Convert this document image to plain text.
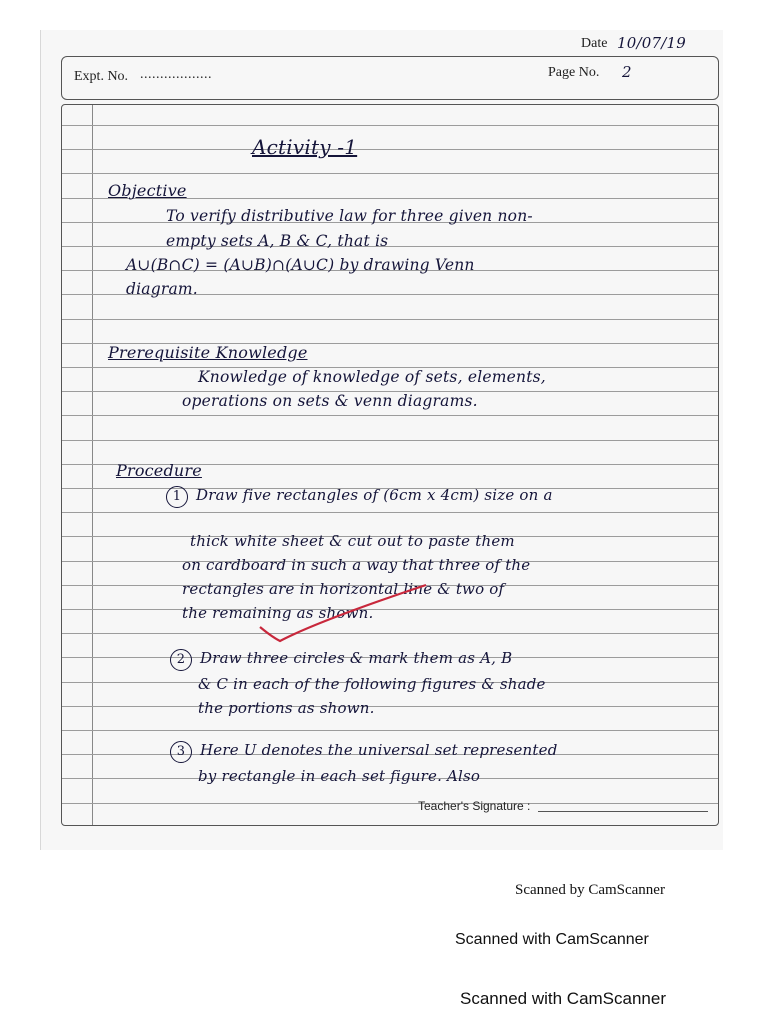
Date 10/07/19
Expt. No. ..................	Page No. 2
Activity -1
Objective
To verify distributive law for three given non-
empty sets A, B & C, that is
A∪(B∩C) = (A∪B)∩(A∪C) by drawing Venn
diagram.
Prerequisite Knowledge
Knowledge of knowledge of sets, elements,
operations on sets & venn diagrams.
Procedure
1 Draw five rectangles of (6cm x 4cm) size on a
thick white sheet & cut out to paste them
on cardboard in such a way that three of the
rectangles are in horizontal line & two of
the remaining as shown.
2 Draw three circles & mark them as A, B
& C in each of the following figures & shade
the portions as shown.
3 Here U denotes the universal set represented
by rectangle in each set figure. Also
Teacher's Signature :
Scanned by CamScanner
Scanned with CamScanner
Scanned with CamScanner
